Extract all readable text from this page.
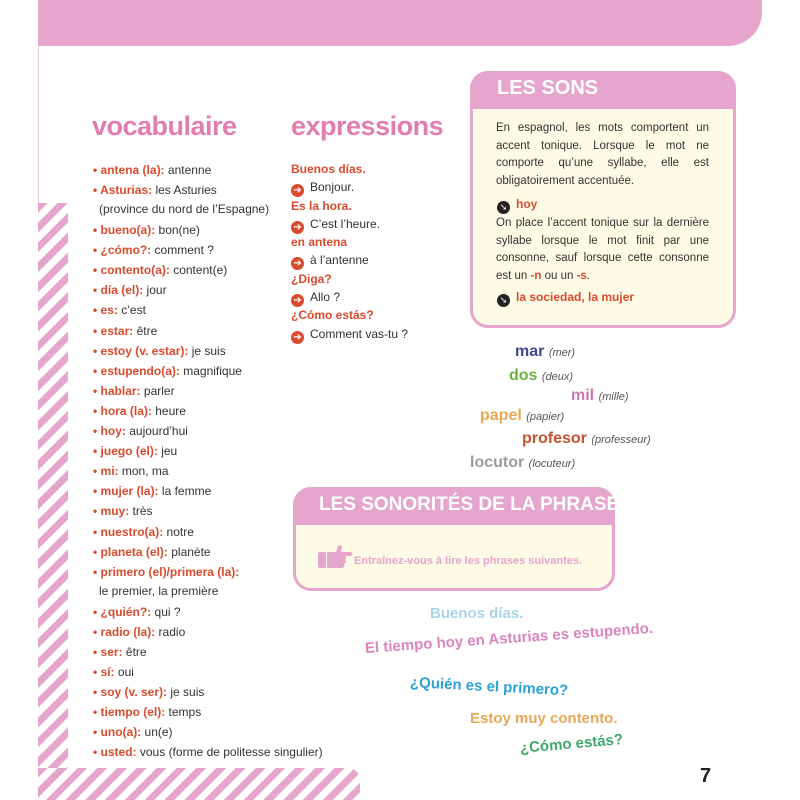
vocabulaire
• antena (la): antenne
• Asturias: les Asturies
(province du nord de l’Espagne)
• bueno(a): bon(ne)
• ¿cómo?: comment ?
• contento(a): content(e)
• día (el): jour
• es: c’est
• estar: être
• estoy (v. estar): je suis
• estupendo(a): magnifique
• hablar: parler
• hora (la): heure
• hoy: aujourd’hui
• juego (el): jeu
• mi: mon, ma
• mujer (la): la femme
• muy: très
• nuestro(a): notre
• planeta (el): planète
• primero (el)/primera (la):
le premier, la première
• ¿quién?: qui ?
• radio (la): radio
• ser: être
• sí: oui
• soy (v. ser): je suis
• tiempo (el): temps
• uno(a): un(e)
• usted: vous (forme de politesse singulier)
expressions
Buenos días.
➔ Bonjour.
Es la hora.
➔ C’est l’heure.
en antena
➔ à l’antenne
¿Diga?
➔ Allo ?
¿Cómo estás?
➔ Comment vas-tu ?
LES SONS
En espagnol, les mots comportent un accent tonique. Lorsque le mot ne comporte qu’une syllabe, elle est obligatoirement accentuée.
➘ hoy
On place l’accent tonique sur la dernière syllabe lorsque le mot finit par une consonne, sauf lorsque cette consonne est un -n ou un -s.
➘ la sociedad, la mujer
mar (mer)
dos (deux)
mil (mille)
papel (papier)
profesor (professeur)
locutor (locuteur)
LES SONORITÉS DE LA PHRASE
Entraînez-vous à lire les phrases suivantes.
Buenos días.
El tiempo hoy en Asturias es estupendo.
¿Quién es el primero?
Estoy muy contento.
¿Cómo estás?
7
